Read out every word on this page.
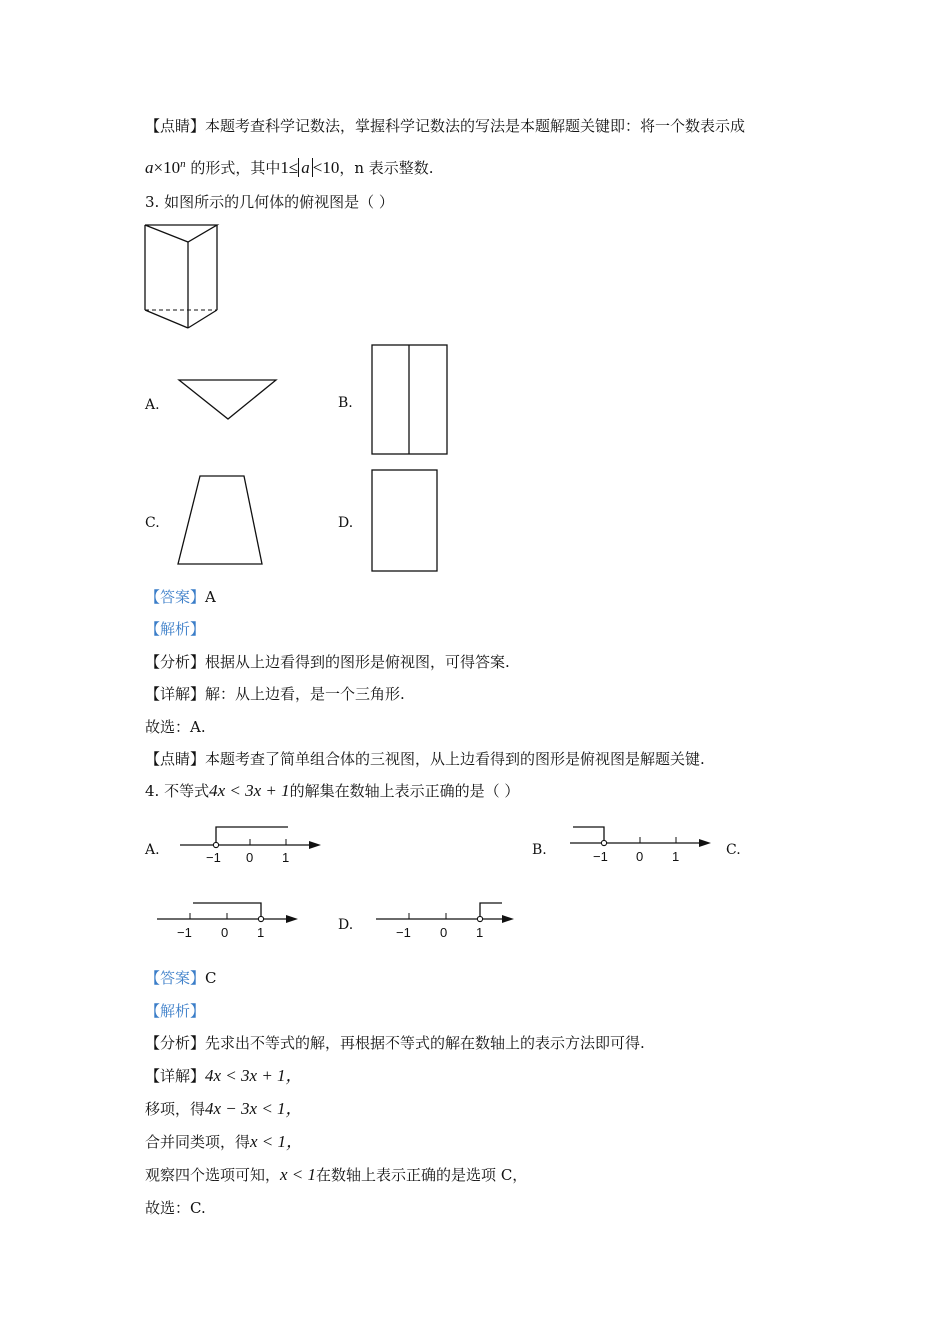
【点睛】本题考查科学记数法，掌握科学记数法的写法是本题解题关键即：将一个数表示成
$a\times 10^n$ 的形式，其中1≤ a <10，n 表示整数.
3. 如图所示的几何体的俯视图是（ ）
A.	B.
C.	D.
【答案】A
【解析】
【分析】根据从上边看得到的图形是俯视图，可得答案.
【详解】解：从上边看，是一个三角形.
故选：A.
【点睛】本题考查了简单组合体的三视图，从上边看得到的图形是俯视图是解题关键.
4. 不等式4x < 3x + 1的解集在数轴上表示正确的是（ ）
A.	−1 0 1	B.	−1 0 1	C.
−1 0 1	D.	−1 0 1
【答案】C
【解析】
【分析】先求出不等式的解，再根据不等式的解在数轴上的表示方法即可得.
【详解】4x < 3x + 1，
移项，得4x − 3x < 1，
合并同类项，得x < 1，
观察四个选项可知，x < 1在数轴上表示正确的是选项 C，
故选：C.
